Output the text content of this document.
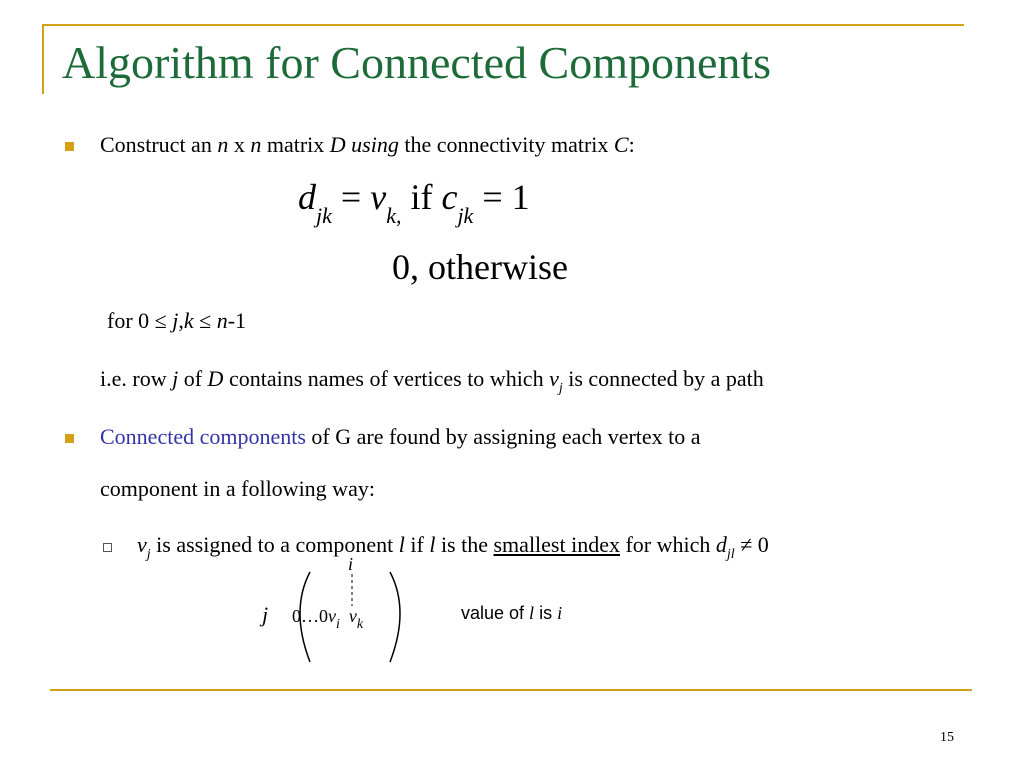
Algorithm for Connected Components
Construct an n x n matrix D using the connectivity matrix C:
$d_{jk} = v_{k,}$ if $c_{jk} = 1$
0, otherwise
for 0 ≤ j,k ≤ n-1
i.e. row j of D contains names of vertices to which $v_j$ is connected by a path
Connected components of G are found by assigning each vertex to a
component in a following way:
$v_j$ is assigned to a component l if l is the smallest index for which $d_{jl} \ne 0$
i
j $0\dots 0v_i$ $v_k$
value of l is i
15
